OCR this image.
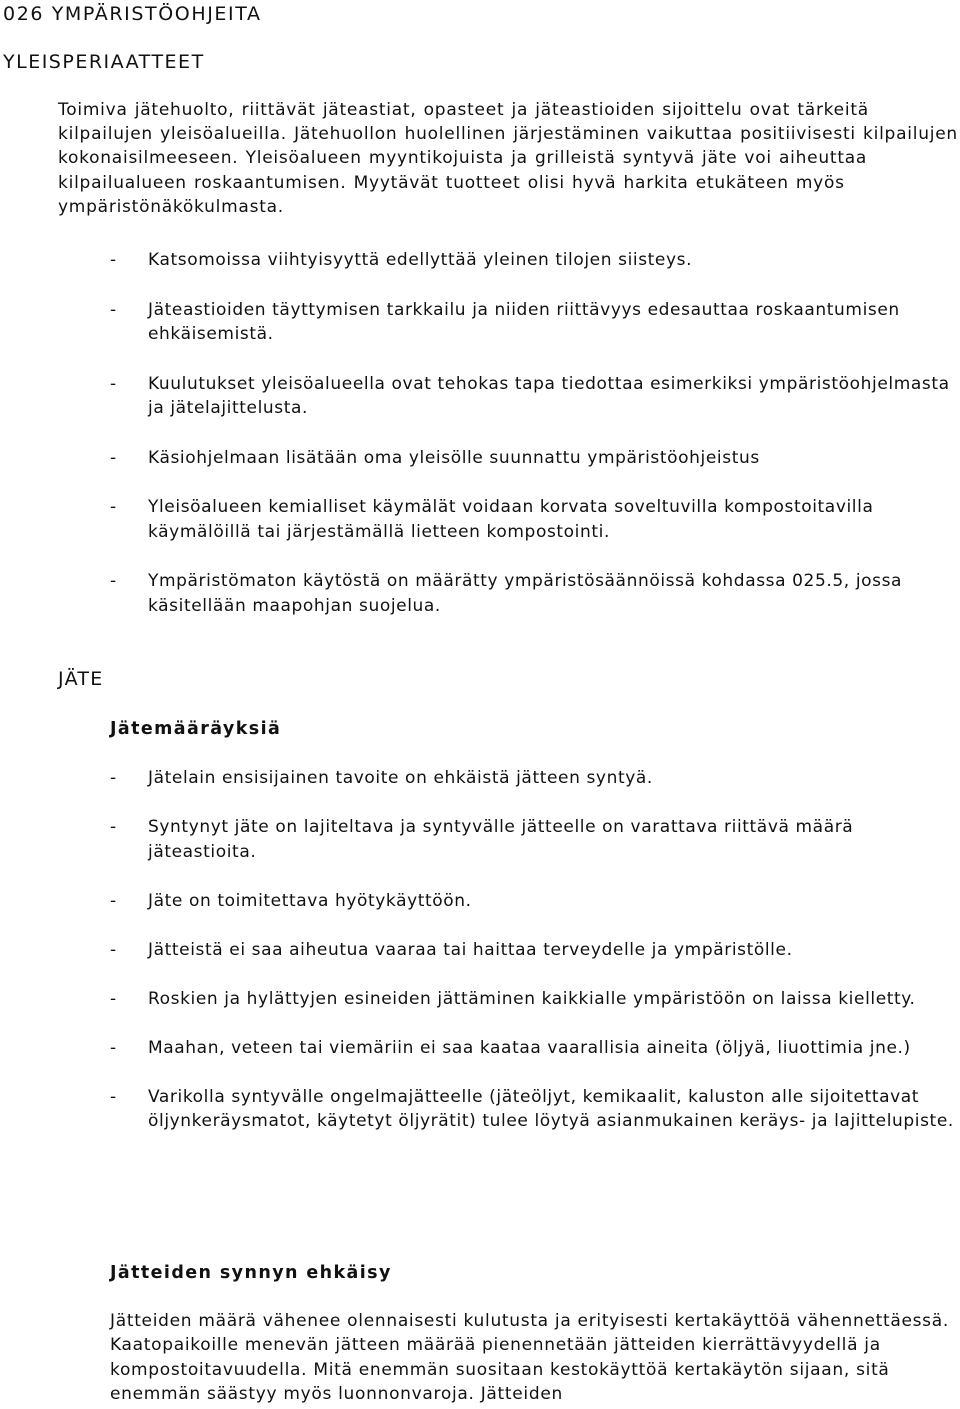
026 YMPÄRISTÖOHJEITA
YLEISPERIAATTEET

Toimiva jätehuolto, riittävät jäteastiat, opasteet ja jäteastioiden sijoittelu ovat tärkeitä kilpailujen yleisöalueilla. Jätehuollon huolellinen järjestäminen vaikuttaa positiivisesti kilpailujen kokonaisilmeeseen. Yleisöalueen myyntikojuista ja grilleistä syntyvä jäte voi aiheuttaa kilpailualueen roskaantumisen. Myytävät tuotteet olisi hyvä harkita etukäteen myös ympäristönäkökulmasta.

- Katsomoissa viihtyisyyttä edellyttää yleinen tilojen siisteys.
- Jäteastioiden täyttymisen tarkkailu ja niiden riittävyys edesauttaa roskaantumisen ehkäisemistä.
- Kuulutukset yleisöalueella ovat tehokas tapa tiedottaa esimerkiksi ympäristöohjelmasta ja jätelajittelusta.
- Käsiohjelmaan lisätään oma yleisölle suunnattu ympäristöohjeistus
- Yleisöalueen kemialliset käymälät voidaan korvata soveltuvilla kompostoitavilla käymälöillä tai järjestämällä lietteen kompostointi.
- Ympäristömaton käytöstä on määrätty ympäristösäännöissä kohdassa 025.5, jossa käsitellään maapohjan suojelua.
JÄTE
Jätemääräyksiä
- Jätelain ensisijainen tavoite on ehkäistä jätteen syntyä.
- Syntynyt jäte on lajiteltava ja syntyvälle jätteelle on varattava riittävä määrä jäteastioita.
- Jäte on toimitettava hyötykäyttöön.
- Jätteistä ei saa aiheutua vaaraa tai haittaa terveydelle ja ympäristölle.
- Roskien ja hylättyjen esineiden jättäminen kaikkialle ympäristöön on laissa kielletty.
- Maahan, veteen tai viemäriin ei saa kaataa vaarallisia aineita (öljyä, liuottimia jne.)
- Varikolla syntyvälle ongelmajätteelle (jäteöljyt, kemikaalit, kaluston alle sijoitettavat öljynkeräysmatot, käytetyt öljyrätit) tulee löytyä asianmukainen keräys- ja lajittelupiste.
Jätteiden synnyn ehkäisy

Jätteiden määrä vähenee olennaisesti kulutusta ja erityisesti kertakäyttöä vähennettäessä. Kaatopaikoille menevän jätteen määrää pienennetään jätteiden kierrättävyydellä ja kompostoitavuudella. Mitä enemmän suositaan kestokäyttöä kertakäytön sijaan, sitä enemmän säästyy myös luonnonvaroja. Jätteiden
